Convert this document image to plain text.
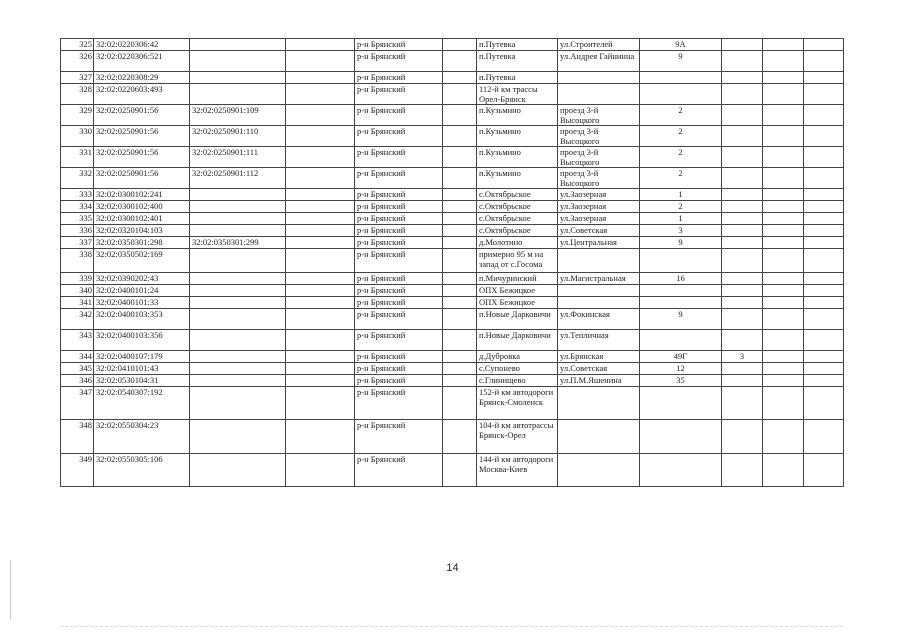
325	32:02:0220306:42			р-н Брянский		п.Путевка	ул.Строителей	9А			
326	32:02:0220306:521			р-н Брянский		п.Путевка	ул.Андрея Гайнинна	9			
327	32:02:0220308:29			р-н Брянский		п.Путевка					
328	32:02:0220603:493			р-н Брянский		112-й км трассы Орел-Брянск					
329	32:02:0250901:56	32:02:0250901:109		р-н Брянский		п.Кузьмино	проезд 3-й Высоцкого	2			
330	32:02:0250901:56	32:02:0250901:110		р-н Брянский		п.Кузьмино	проезд 3-й Высоцкого	2			
331	32:02:0250901:56	32:02:0250901:111		р-н Брянский		п.Кузьмино	проезд 3-й Высоцкого	2			
332	32:02:0250901:56	32:02:0250901:112		р-н Брянский		п.Кузьмино	проезд 3-й Высоцкого	2			
333	32:02:0300102:241			р-н Брянский		с.Октябрьское	ул.Заозерная	1			
334	32:02:0300102:400			р-н Брянский		с.Октябрьское	ул.Заозерная	2			
335	32:02:0300102:401			р-н Брянский		с.Октябрьское	ул.Заозерная	1			
336	32:02:0320104:103			р-н Брянский		с.Октябрьское	ул.Советская	3			
337	32:02:0350301:298	32:02:0350301:299		р-н Брянский		д.Молотино	ул.Центральная	9			
338	32:02:0350502:169			р-н Брянский		примерно 95 м на запад от с.Госома					
339	32:02:0390202:43			р-н Брянский		п.Мичуринский	ул.Магистральная	16			
340	32:02:0400101:24			р-н Брянский		ОПХ Бежицкое					
341	32:02:0400101:33			р-н Брянский		ОПХ Бежицкое					
342	32:02:0400103:353			р-н Брянский		п.Новые Дарковичи	ул.Фокинская	9			
343	32:02:0400103:356			р-н Брянский		п.Новые Дарковичи	ул.Тепличная				
344	32:02:0400107:179			р-н Брянский		д.Дубровка	ул.Брянская	49Г	3		
345	32:02:0410101:43			р-н Брянский		с.Супонево	ул.Советская	12			
346	32:02:0530104:31			р-н Брянский		с.Глинищево	ул.П.М.Яшенина	35			
347	32:02:0540307:192			р-н Брянский		152-й км автодороги Брянск-Смоленск					
348	32:02:0550304:23			р-н Брянский		104-й км автотрассы Брянск-Орел					
349	32:02:0550305:106			р-н Брянский		144-й км автодороги Москва-Киев					
14
